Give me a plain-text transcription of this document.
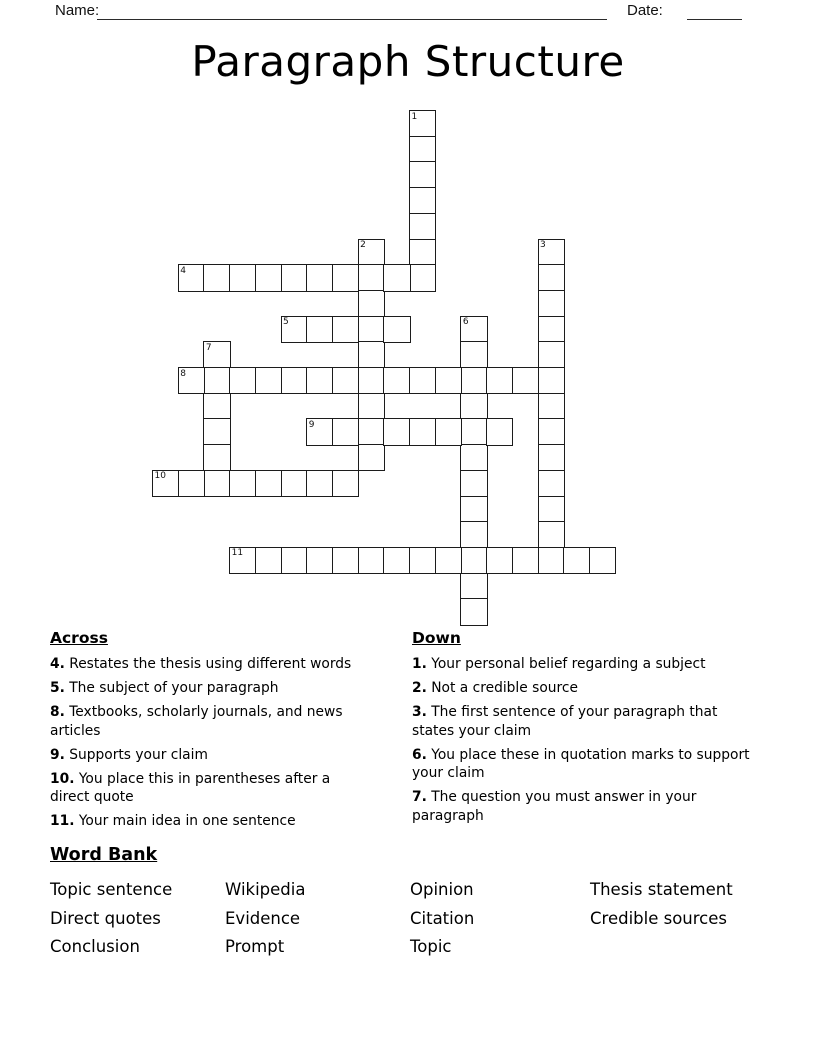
Name:	Date:
Paragraph Structure
1
2	3
4
5	6
7
8
9
10
11
Across
4. Restates the thesis using different words
5. The subject of your paragraph
8. Textbooks, scholarly journals, and news articles
9. Supports your claim
10. You place this in parentheses after a direct quote
11. Your main idea in one sentence
Down
1. Your personal belief regarding a subject
2. Not a credible source
3. The first sentence of your paragraph that states your claim
6. You place these in quotation marks to support your claim
7. The question you must answer in your paragraph
Word Bank
Topic sentence
Direct quotes
Conclusion
Wikipedia
Evidence
Prompt
Opinion
Citation
Topic
Thesis statement
Credible sources
